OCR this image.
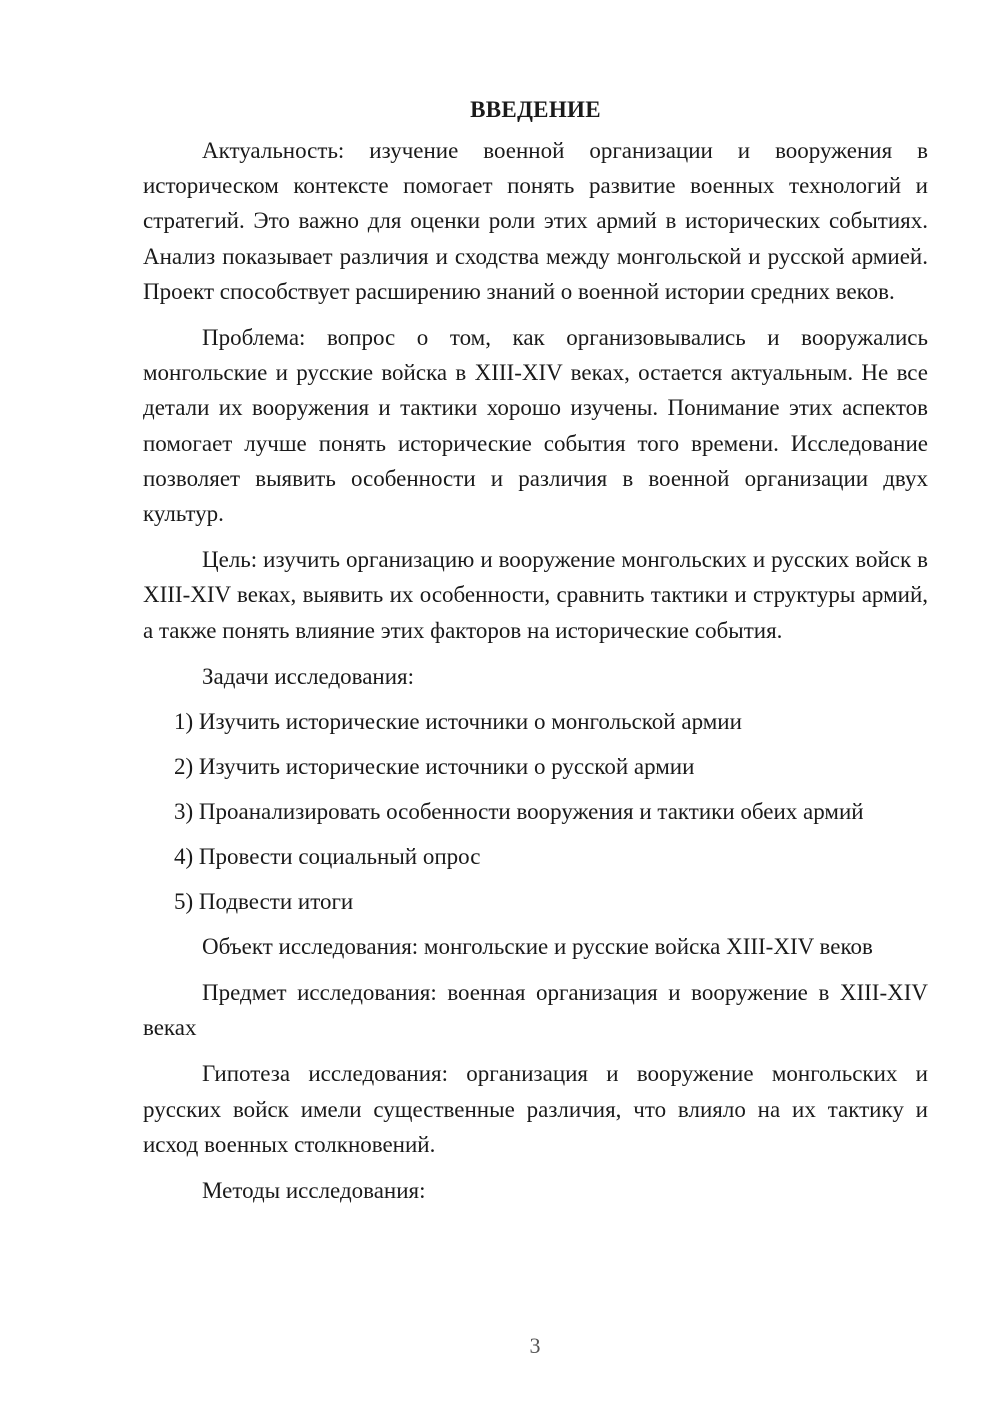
ВВЕДЕНИЕ

Актуальность: изучение военной организации и вооружения в историческом контексте помогает понять развитие военных технологий и стратегий. Это важно для оценки роли этих армий в исторических событиях. Анализ показывает различия и сходства между монгольской и русской армией. Проект способствует расширению знаний о военной истории средних веков.

Проблема: вопрос о том, как организовывались и вооружались монгольские и русские войска в XIII-XIV веках, остается актуальным. Не все детали их вооружения и тактики хорошо изучены. Понимание этих аспектов помогает лучше понять исторические события того времени. Исследование позволяет выявить особенности и различия в военной организации двух культур.

Цель: изучить организацию и вооружение монгольских и русских войск в XIII-XIV веках, выявить их особенности, сравнить тактики и структуры армий, а также понять влияние этих факторов на исторические события.

Задачи исследования:
1) Изучить исторические источники о монгольской армии
2) Изучить исторические источники о русской армии
3) Проанализировать особенности вооружения и тактики обеих армий
4) Провести социальный опрос
5) Подвести итоги

Объект исследования: монгольские и русские войска XIII-XIV веков

Предмет исследования: военная организация и вооружение в XIII-XIV веках

Гипотеза исследования: организация и вооружение монгольских и русских войск имели существенные различия, что влияло на их тактику и исход военных столкновений.

Методы исследования:
3
